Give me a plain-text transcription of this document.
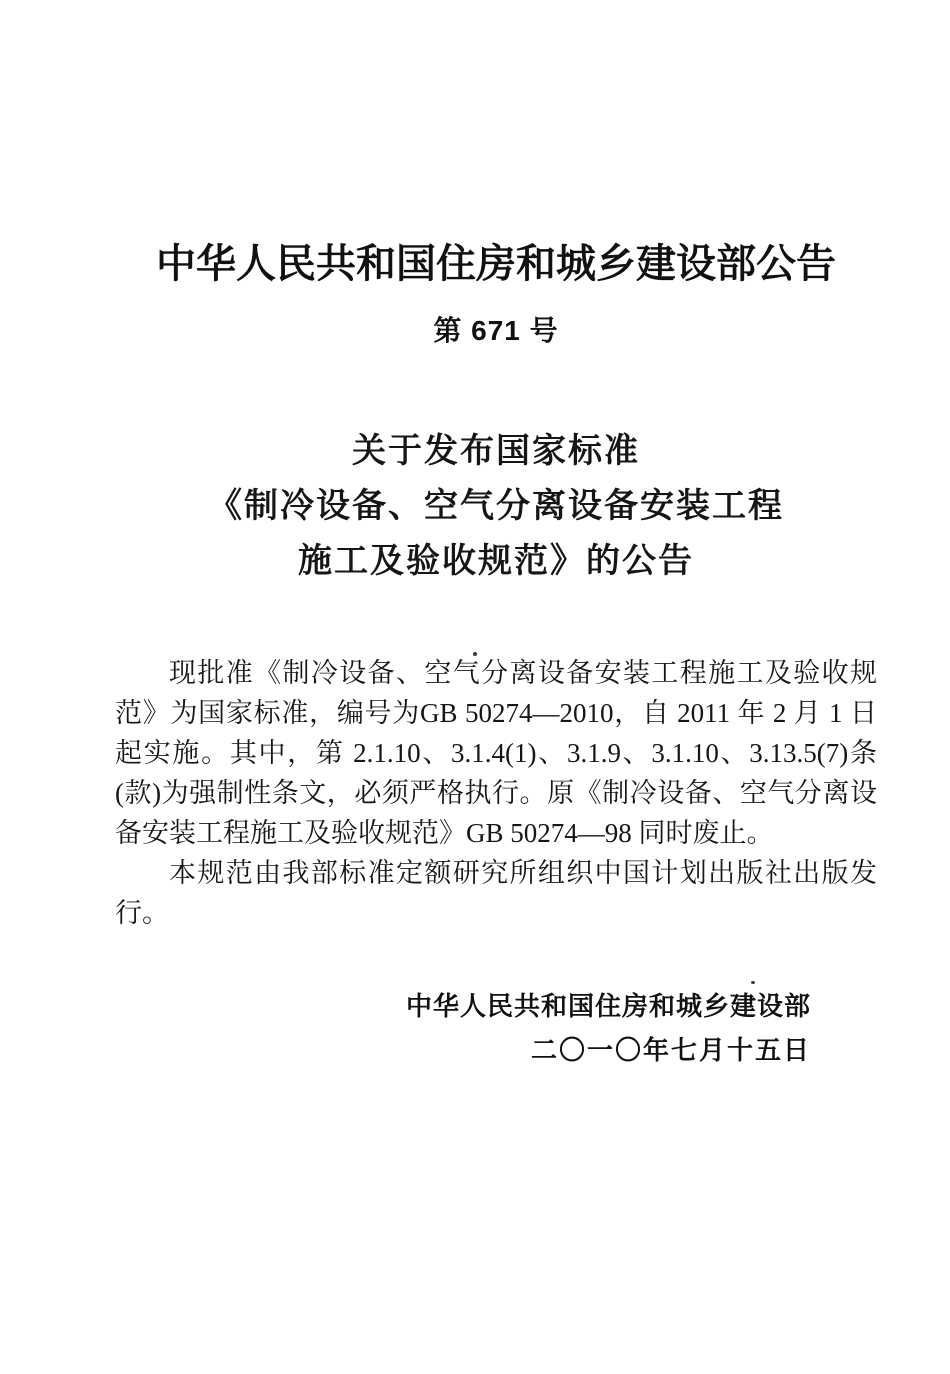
中华人民共和国住房和城乡建设部公告
第 671 号
关于发布国家标准
《制冷设备、空气分离设备安装工程
施工及验收规范》的公告

现批准《制冷设备、空气分离设备安装工程施工及验收规范》为国家标准，编号为GB 50274—2010，自 2011 年 2 月 1 日起实施。其中，第 2.1.10、3.1.4(1)、3.1.9、3.1.10、3.13.5(7)条(款)为强制性条文，必须严格执行。原《制冷设备、空气分离设备安装工程施工及验收规范》GB 50274—98 同时废止。

本规范由我部标准定额研究所组织中国计划出版社出版发行。

中华人民共和国住房和城乡建设部
二〇一〇年七月十五日
